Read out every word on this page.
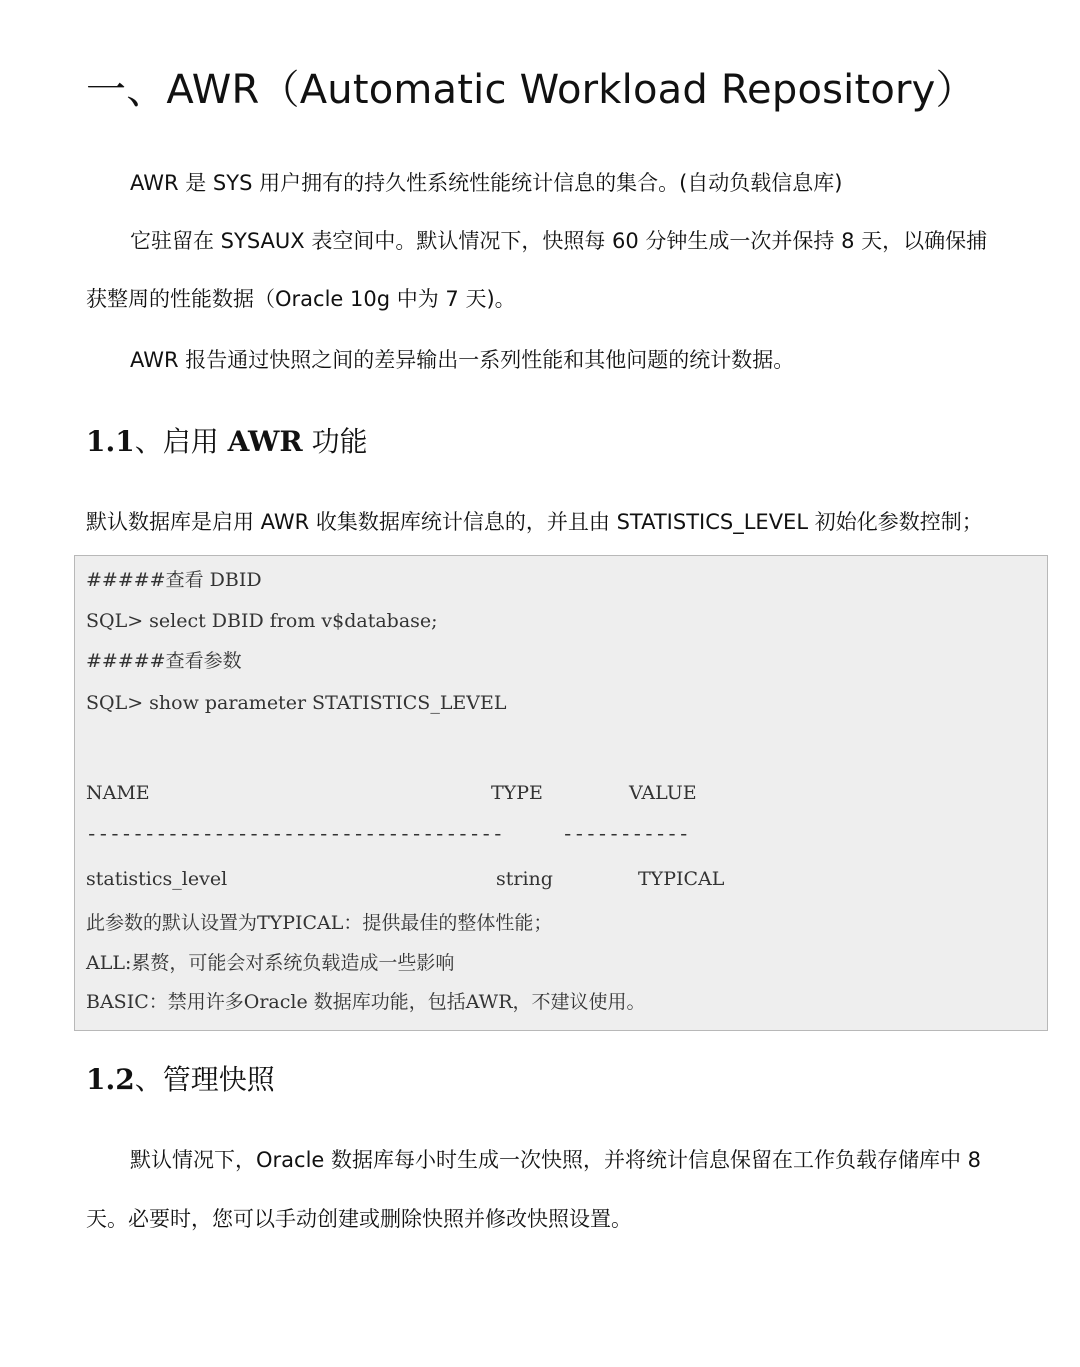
一、AWR（Automatic Workload Repository）

AWR 是 SYS 用户拥有的持久性系统性能统计信息的集合。(自动负载信息库)

它驻留在 SYSAUX 表空间中。默认情况下，快照每 60 分钟生成一次并保持 8 天，以确保捕

获整周的性能数据（Oracle 10g 中为 7 天)。

AWR 报告通过快照之间的差异输出一系列性能和其他问题的统计数据。

1.1、启用 AWR 功能

默认数据库是启用 AWR 收集数据库统计信息的，并且由 STATISTICS_LEVEL 初始化参数控制；

#####查看 DBID
SQL> select DBID from v$database;
#####查看参数
SQL> show parameter STATISTICS_LEVEL
NAME	TYPE	VALUE
------------------------------------	-----------
statistics_level	string	TYPICAL
此参数的默认设置为TYPICAL：提供最佳的整体性能；
ALL:累赘，可能会对系统负载造成一些影响
BASIC：禁用许多Oracle 数据库功能，包括AWR，不建议使用。
1.2、管理快照

默认情况下，Oracle 数据库每小时生成一次快照，并将统计信息保留在工作负载存储库中 8

天。必要时，您可以手动创建或删除快照并修改快照设置。
